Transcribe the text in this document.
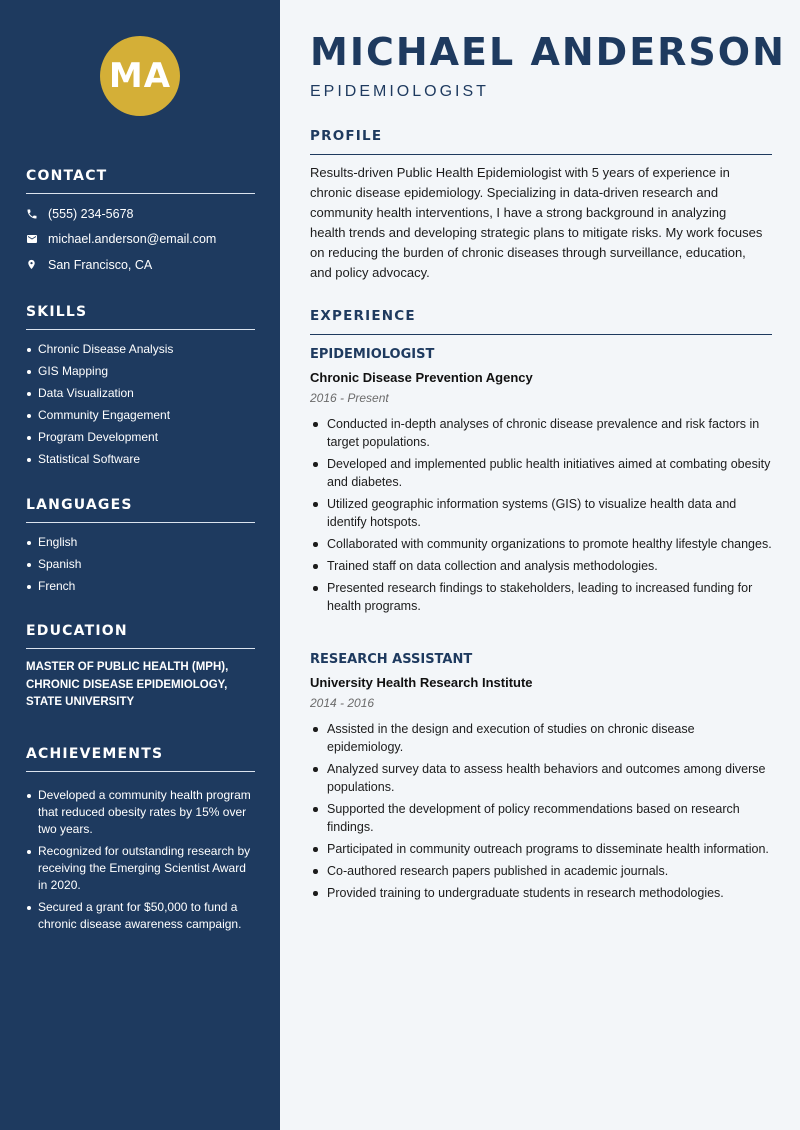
MA
CONTACT
(555) 234-5678
michael.anderson@email.com
San Francisco, CA
SKILLS
Chronic Disease Analysis
GIS Mapping
Data Visualization
Community Engagement
Program Development
Statistical Software
LANGUAGES
English
Spanish
French
EDUCATION
MASTER OF PUBLIC HEALTH (MPH), CHRONIC DISEASE EPIDEMIOLOGY, STATE UNIVERSITY
ACHIEVEMENTS
Developed a community health program that reduced obesity rates by 15% over two years.
Recognized for outstanding research by receiving the Emerging Scientist Award in 2020.
Secured a grant for $50,000 to fund a chronic disease awareness campaign.
MICHAEL ANDERSON
EPIDEMIOLOGIST
PROFILE

Results-driven Public Health Epidemiologist with 5 years of experience in chronic disease epidemiology. Specializing in data-driven research and community health interventions, I have a strong background in analyzing health trends and developing strategic plans to mitigate risks. My work focuses on reducing the burden of chronic diseases through surveillance, education, and policy advocacy.

EXPERIENCE
EPIDEMIOLOGIST
Chronic Disease Prevention Agency
2016 - Present
Conducted in-depth analyses of chronic disease prevalence and risk factors in target populations.
Developed and implemented public health initiatives aimed at combating obesity and diabetes.
Utilized geographic information systems (GIS) to visualize health data and identify hotspots.
Collaborated with community organizations to promote healthy lifestyle changes.
Trained staff on data collection and analysis methodologies.
Presented research findings to stakeholders, leading to increased funding for health programs.
RESEARCH ASSISTANT
University Health Research Institute
2014 - 2016
Assisted in the design and execution of studies on chronic disease epidemiology.
Analyzed survey data to assess health behaviors and outcomes among diverse populations.
Supported the development of policy recommendations based on research findings.
Participated in community outreach programs to disseminate health information.
Co-authored research papers published in academic journals.
Provided training to undergraduate students in research methodologies.
